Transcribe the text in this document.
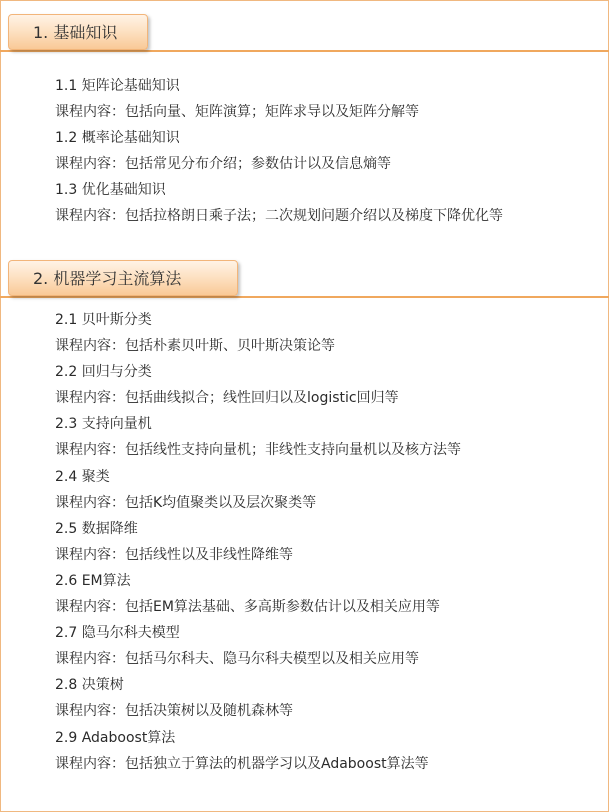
1. 基础知识
1.1 矩阵论基础知识
课程内容：包括向量、矩阵演算；矩阵求导以及矩阵分解等
1.2 概率论基础知识
课程内容：包括常见分布介绍；参数估计以及信息熵等
1.3 优化基础知识
课程内容：包括拉格朗日乘子法；二次规划问题介绍以及梯度下降优化等
2. 机器学习主流算法
2.1 贝叶斯分类
课程内容：包括朴素贝叶斯、贝叶斯决策论等
2.2 回归与分类
课程内容：包括曲线拟合；线性回归以及logistic回归等
2.3 支持向量机
课程内容：包括线性支持向量机；非线性支持向量机以及核方法等
2.4 聚类
课程内容：包括K均值聚类以及层次聚类等
2.5 数据降维
课程内容：包括线性以及非线性降维等
2.6 EM算法
课程内容：包括EM算法基础、多高斯参数估计以及相关应用等
2.7 隐马尔科夫模型
课程内容：包括马尔科夫、隐马尔科夫模型以及相关应用等
2.8 决策树
课程内容：包括决策树以及随机森林等
2.9 Adaboost算法
课程内容：包括独立于算法的机器学习以及Adaboost算法等
